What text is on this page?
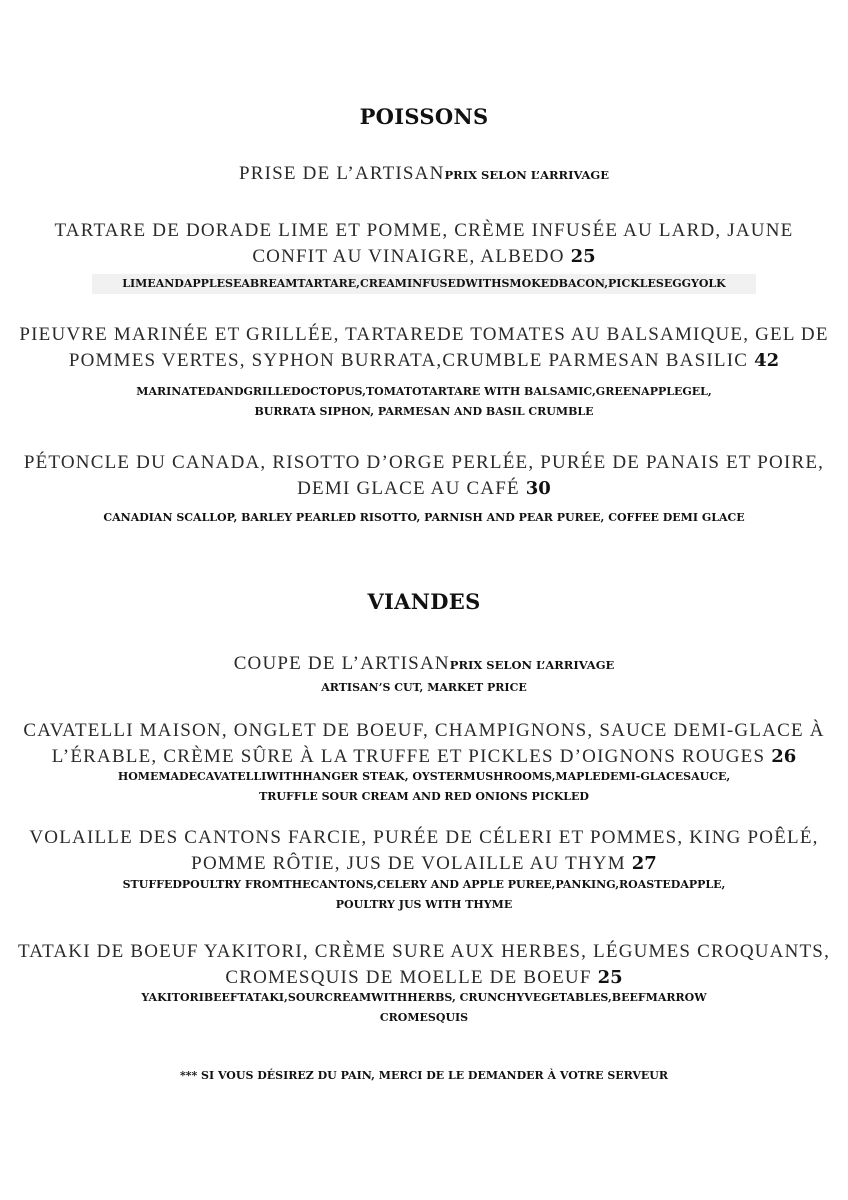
POISSONS
PRISE DE L’ARTISANPRIX SELON L’ARRIVAGE
TARTARE DE DORADE LIME ET POMME, CRÈME INFUSÉE AU LARD, JAUNE
CONFIT AU VINAIGRE, ALBEDO 25
LIMEANDAPPLESEABREAMTARTARE,CREAMINFUSEDWITHSMOKEDBACON,PICKLESEGGYOLK
PIEUVRE MARINÉE ET GRILLÉE, TARTAREDE TOMATES AU BALSAMIQUE, GEL DE
POMMES VERTES, SYPHON BURRATA,CRUMBLE PARMESAN BASILIC 42
MARINATEDANDGRILLEDOCTOPUS,TOMATOTARTARE WITH BALSAMIC,GREENAPPLEGEL,
BURRATA SIPHON, PARMESAN AND BASIL CRUMBLE
PÉTONCLE DU CANADA, RISOTTO D’ORGE PERLÉE, PURÉE DE PANAIS ET POIRE,
DEMI GLACE AU CAFÉ 30
CANADIAN SCALLOP, BARLEY PEARLED RISOTTO, PARNISH AND PEAR PUREE, COFFEE DEMI GLACE
VIANDES
COUPE DE L’ARTISANPRIX SELON L’ARRIVAGE
ARTISAN’S CUT, MARKET PRICE
CAVATELLI MAISON, ONGLET DE BOEUF, CHAMPIGNONS, SAUCE DEMI-GLACE À
L’ÉRABLE, CRÈME SÛRE À LA TRUFFE ET PICKLES D’OIGNONS ROUGES 26
HOMEMADECAVATELLIWITHHANGER STEAK, OYSTERMUSHROOMS,MAPLEDEMI-GLACESAUCE,
TRUFFLE SOUR CREAM AND RED ONIONS PICKLED
VOLAILLE DES CANTONS FARCIE, PURÉE DE CÉLERI ET POMMES, KING POÊLÉ,
POMME RÔTIE, JUS DE VOLAILLE AU THYM 27
STUFFEDPOULTRY FROMTHECANTONS,CELERY AND APPLE PUREE,PANKING,ROASTEDAPPLE,
POULTRY JUS WITH THYME
TATAKI DE BOEUF YAKITORI, CRÈME SURE AUX HERBES, LÉGUMES CROQUANTS,
CROMESQUIS DE MOELLE DE BOEUF 25
YAKITORIBEEFTATAKI,SOURCREAMWITHHERBS, CRUNCHYVEGETABLES,BEEFMARROW
CROMESQUIS
*** SI VOUS DÉSIREZ DU PAIN, MERCI DE LE DEMANDER À VOTRE SERVEUR
